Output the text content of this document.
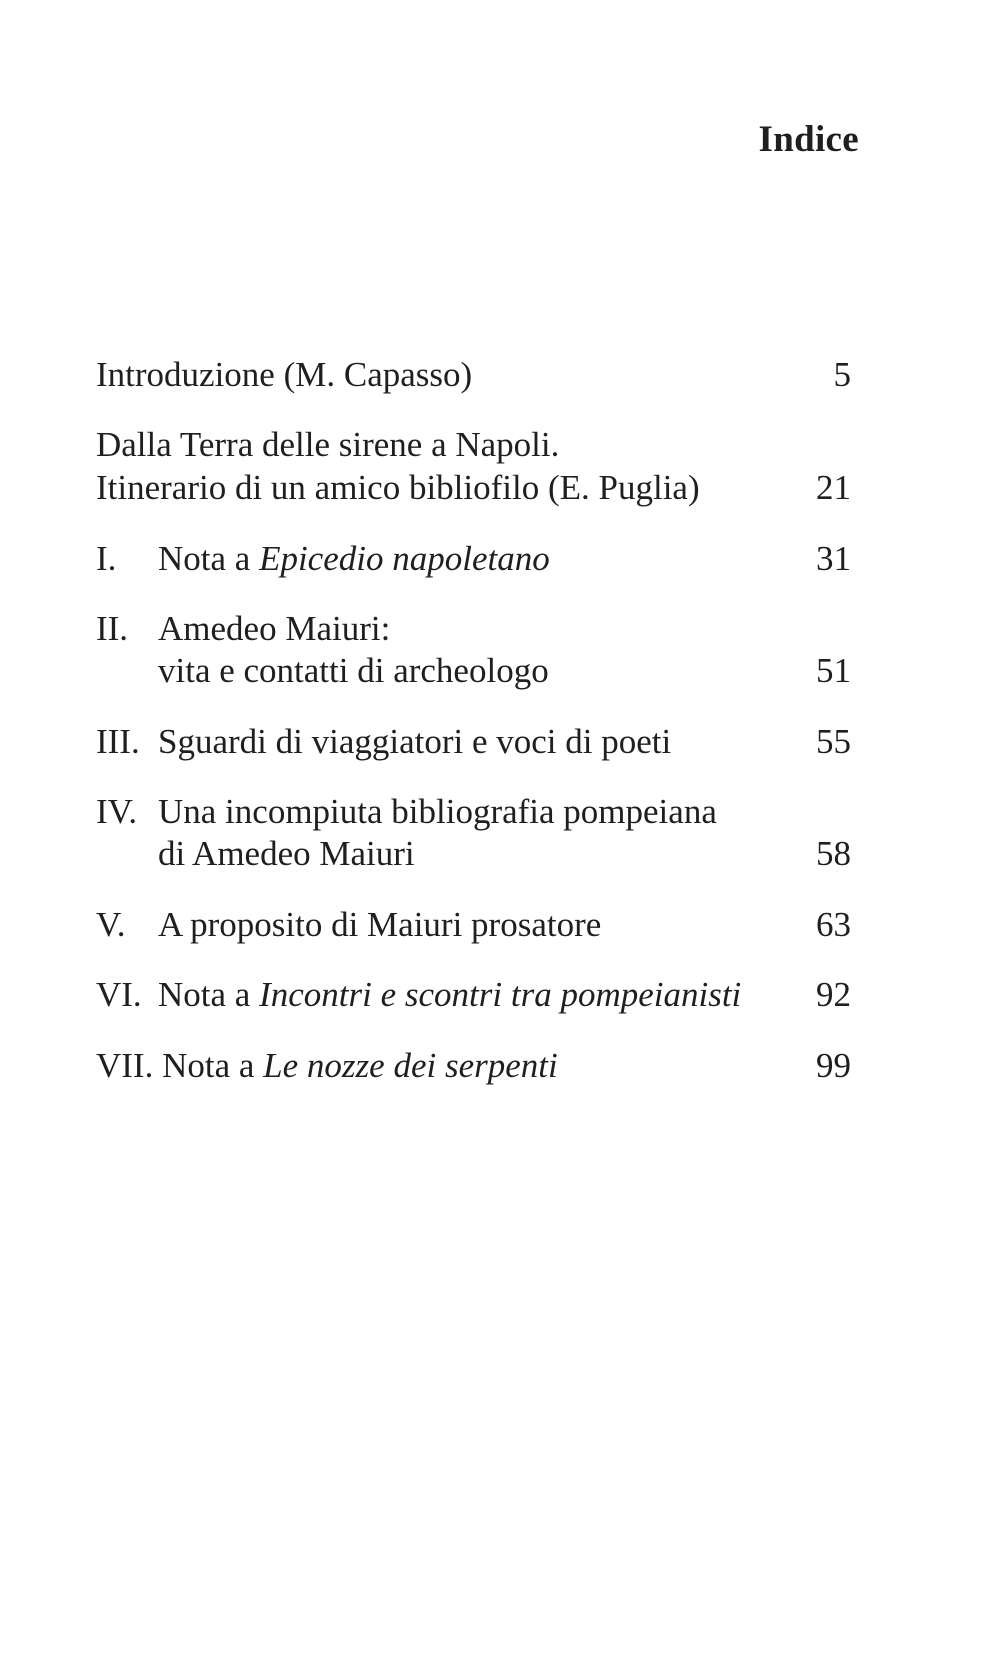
Indice
Introduzione (M. Capasso)	5
Dalla Terra delle sirene a Napoli.
Itinerario di un amico bibliofilo (E. Puglia)	21
I. Nota a Epicedio napoletano	31
II. Amedeo Maiuri:
vita e contatti di archeologo	51
III. Sguardi di viaggiatori e voci di poeti	55
IV. Una incompiuta bibliografia pompeiana
di Amedeo Maiuri	58
V. A proposito di Maiuri prosatore	63
VI. Nota a Incontri e scontri tra pompeianisti 92
VII. Nota a Le nozze dei serpenti	99
